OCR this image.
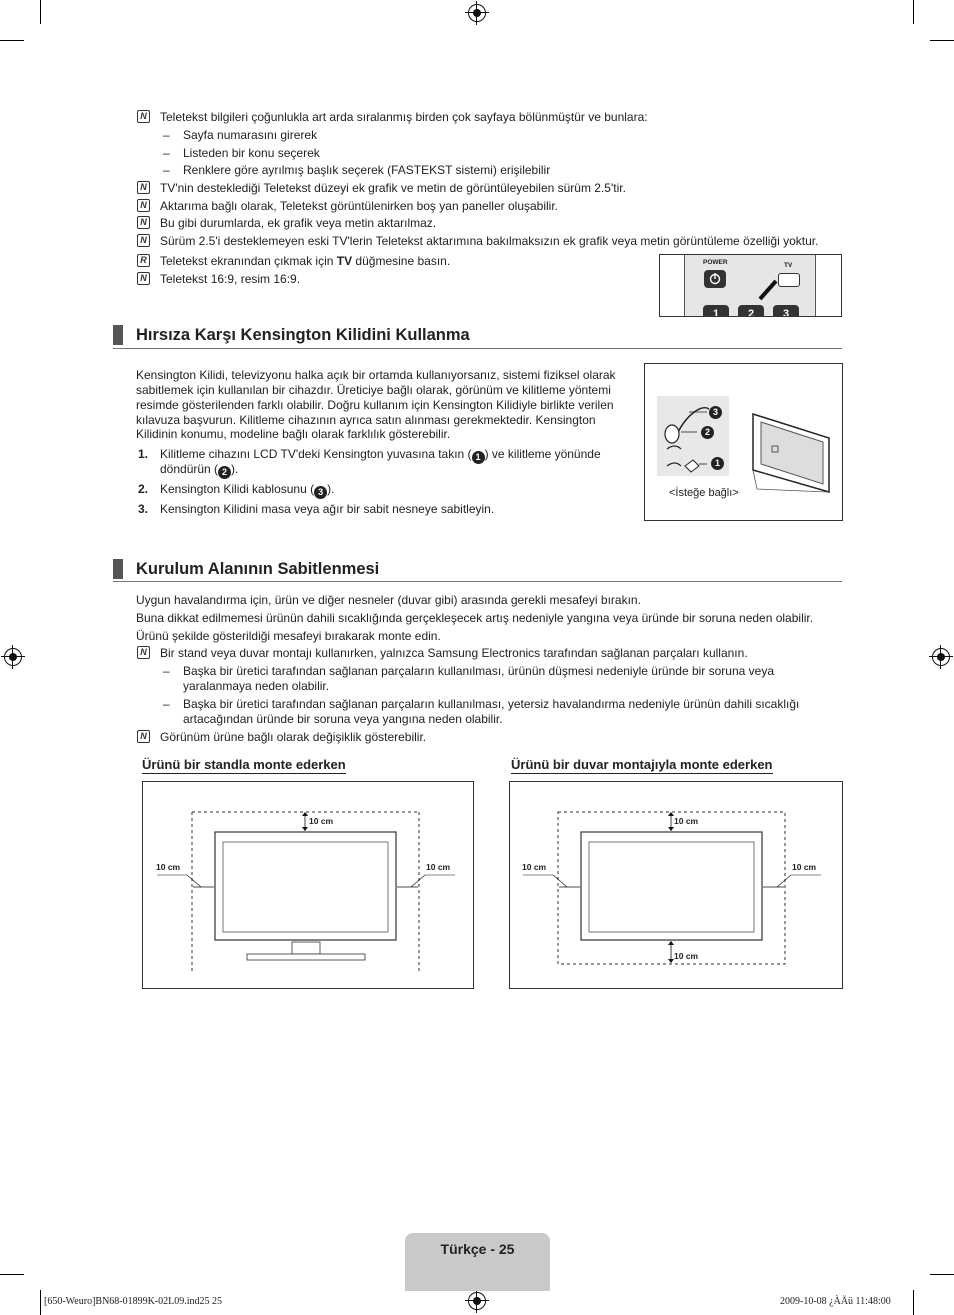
N Teletekst bilgileri çoğunlukla art arda sıralanmış birden çok sayfaya bölünmüştür ve bunlara:
– Sayfa numarasını girerek
– Listeden bir konu seçerek
– Renklere göre ayrılmış başlık seçerek (FASTEKST sistemi) erişilebilir
N TV'nin desteklediği Teletekst düzeyi ek grafik ve metin de görüntüleyebilen sürüm 2.5'tir.
N Aktarıma bağlı olarak, Teletekst görüntülenirken boş yan paneller oluşabilir.
N Bu gibi durumlarda, ek grafik veya metin aktarılmaz.
N Sürüm 2.5'i desteklemeyen eski TV'lerin Teletekst aktarımına bakılmaksızın ek grafik veya metin görüntüleme özelliği yoktur.
R Teletekst ekranından çıkmak için TV düğmesine basın.
N Teletekst 16:9, resim 16:9.
POWER	TV
1	2	3
Hırsıza Karşı Kensington Kilidini Kullanma
Kensington Kilidi, televizyonu halka açık bir ortamda kullanıyorsanız, sistemi fiziksel olarak
sabitlemek için kullanılan bir cihazdır. Üreticiye bağlı olarak, görünüm ve kilitleme yöntemi
resimde gösterilenden farklı olabilir. Doğru kullanım için Kensington Kilidiyle birlikte verilen
kılavuza başvurun. Kilitleme cihazının ayrıca satın alınması gerekmektedir. Kensington
Kilidinin konumu, modeline bağlı olarak farklılık gösterebilir.
1. Kilitleme cihazını LCD TV'deki Kensington yuvasına takın ( 1 ) ve kilitleme yönünde
döndürün ( 2 ).
2. Kensington Kilidi kablosunu ( 3 ).
3. Kensington Kilidini masa veya ağır bir sabit nesneye sabitleyin.
3
2
1
<İsteğe bağlı>
Kurulum Alanının Sabitlenmesi
Uygun havalandırma için, ürün ve diğer nesneler (duvar gibi) arasında gerekli mesafeyi bırakın.
Buna dikkat edilmemesi ürünün dahili sıcaklığında gerçekleşecek artış nedeniyle yangına veya üründe bir soruna neden olabilir.
Ürünü şekilde gösterildiği mesafeyi bırakarak monte edin.
N Bir stand veya duvar montajı kullanırken, yalnızca Samsung Electronics tarafından sağlanan parçaları kullanın.
– Başka bir üretici tarafından sağlanan parçaların kullanılması, ürünün düşmesi nedeniyle üründe bir soruna veya
yaralanmaya neden olabilir.
– Başka bir üretici tarafından sağlanan parçaların kullanılması, yetersiz havalandırma nedeniyle ürünün dahili sıcaklığı
artacağından üründe bir soruna veya yangına neden olabilir.
N Görünüm ürüne bağlı olarak değişiklik gösterebilir.
Ürünü bir standla monte ederken	Ürünü bir duvar montajıyla monte ederken
10 cm
10 cm	10 cm
10 cm
10 cm	10 cm
10 cm
Türkçe - 25
[650-Weuro]BN68-01899K-02L09.ind25 25	2009-10-08 ¿ÀÄü 11:48:00
